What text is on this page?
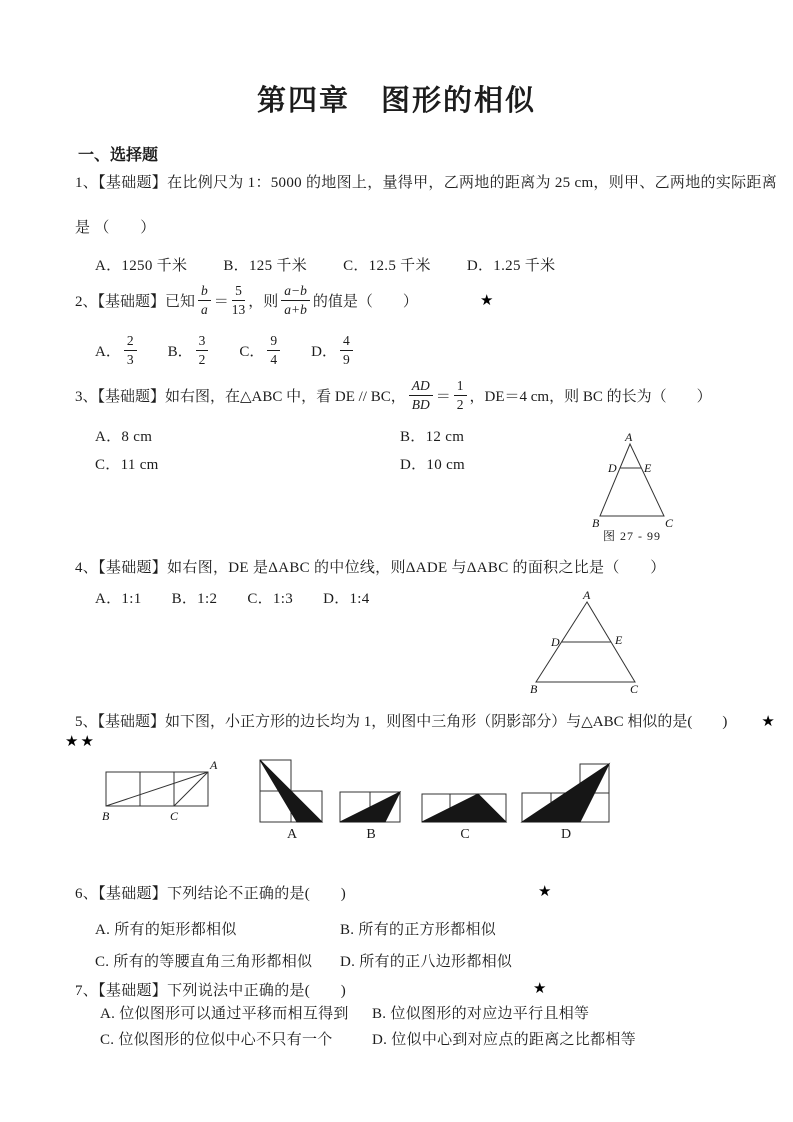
第四章　图形的相似
一、选择题
1、【基础题】在比例尺为 1：5000 的地图上，量得甲，乙两地的距离为 25 cm，则甲、乙两地的实际距离
是 （　　）
A．1250 千米 B．125 千米 C．12.5 千米 D．1.25 千米
2、【基础题】已知 $\frac{b}{a} = \frac{5}{13}$ ，则 $\frac{a-b}{a+b}$ 的值是（　　）	★
A． $\frac{2}{3}$ B． $\frac{3}{2}$ C． $\frac{9}{4}$ D． $\frac{4}{9}$
3、【基础题】如右图，在△ABC 中，看 DE // BC， $\frac{AD}{BD} = \frac{1}{2}$ ，DE＝4 cm，则 BC 的长为（　　）
A．8 cm	B．12 cm
C．11 cm	D．10 cm
A
D E
B	C
图 27 - 99
4、【基础题】如右图，DE 是ΔABC 的中位线，则ΔADE 与ΔABC 的面积之比是（　　）
A．1:1 B．1:2 C．1:3 D．1:4	A
D	E
B	C
5、【基础题】如下图，小正方形的边长均为 1，则图中三角形（阴影部分）与△ABC 相似的是(　　) ★
★★
A
B	C
A	B	C	D
6、【基础题】下列结论不正确的是(　　)	★
A. 所有的矩形都相似	B. 所有的正方形都相似
C. 所有的等腰直角三角形都相似 D. 所有的正八边形都相似
7、【基础题】下列说法中正确的是(　　)	★
A. 位似图形可以通过平移而相互得到 B. 位似图形的对应边平行且相等
C. 位似图形的位似中心不只有一个	D. 位似中心到对应点的距离之比都相等
